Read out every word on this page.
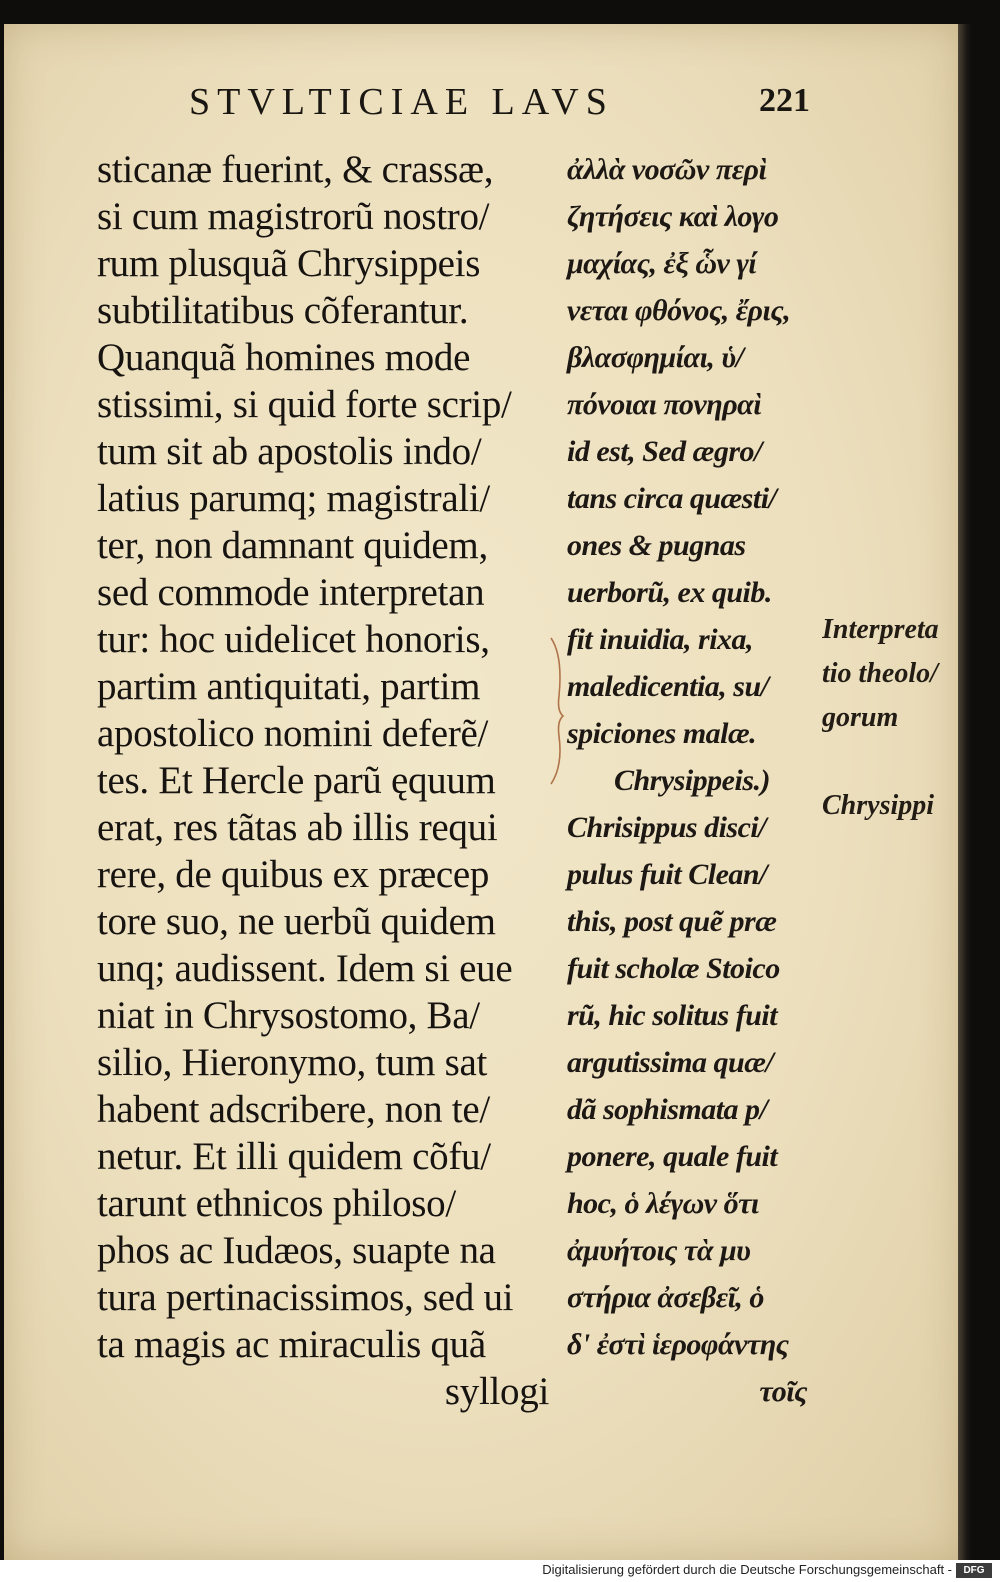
STVLTICIAE LAVS	221
sticanæ fuerint, & crassæ,
si cum magistrorũ nostro/
rum plusquã Chrysippeis
subtilitatibus cõferantur.
Quanquã homines mode
stissimi, si quid forte scrip/
tum sit ab apostolis indo/
latius parumq; magistrali/
ter, non damnant quidem,
sed commode interpretan
tur: hoc uidelicet honoris,
partim antiquitati, partim
apostolico nomini deferẽ/
tes. Et Hercle parũ ęquum
erat, res tãtas ab illis requi
rere, de quibus ex præcep
tore suo, ne uerbũ quidem
unq; audissent. Idem si eue
niat in Chrysostomo, Ba/
silio, Hieronymo, tum sat
habent adscribere, non te/
netur. Et illi quidem cõfu/
tarunt ethnicos philoso/
phos ac Iudæos, suapte na
tura pertinacissimos, sed ui
ta magis ac miraculis quã
syllogi
ἀλλὰ νοσῶν περὶ
ζητήσεις καὶ λογο
μαχίας, ἐξ ὧν γί
νεται φθόνος, ἔρις,
βλασφημίαι, ὑ/
πόνοιαι πονηραὶ
id est, Sed ægro/
tans circa quæsti/
ones & pugnas
uerborũ, ex quib.
fit inuidia, rixa,
maledicentia, su/
spiciones malæ.
Chrysippeis.)
Chrisippus disci/
pulus fuit Clean/
this, post quẽ præ
fuit scholæ Stoico
rũ, hic solitus fuit
argutissima quæ/
dã sophismata p/
ponere, quale fuit
hoc, ὁ λέγων ὅτι
ἀμυήτοις τὰ μυ
στήρια ἀσεβεῖ, ὁ
δ' ἐστὶ ἱεροφάντης
τοῖς
Interpreta
tio theolo/
gorum
Chrysippi
Digitalisierung gefördert durch die Deutsche Forschungsgemeinschaft -	DFG
